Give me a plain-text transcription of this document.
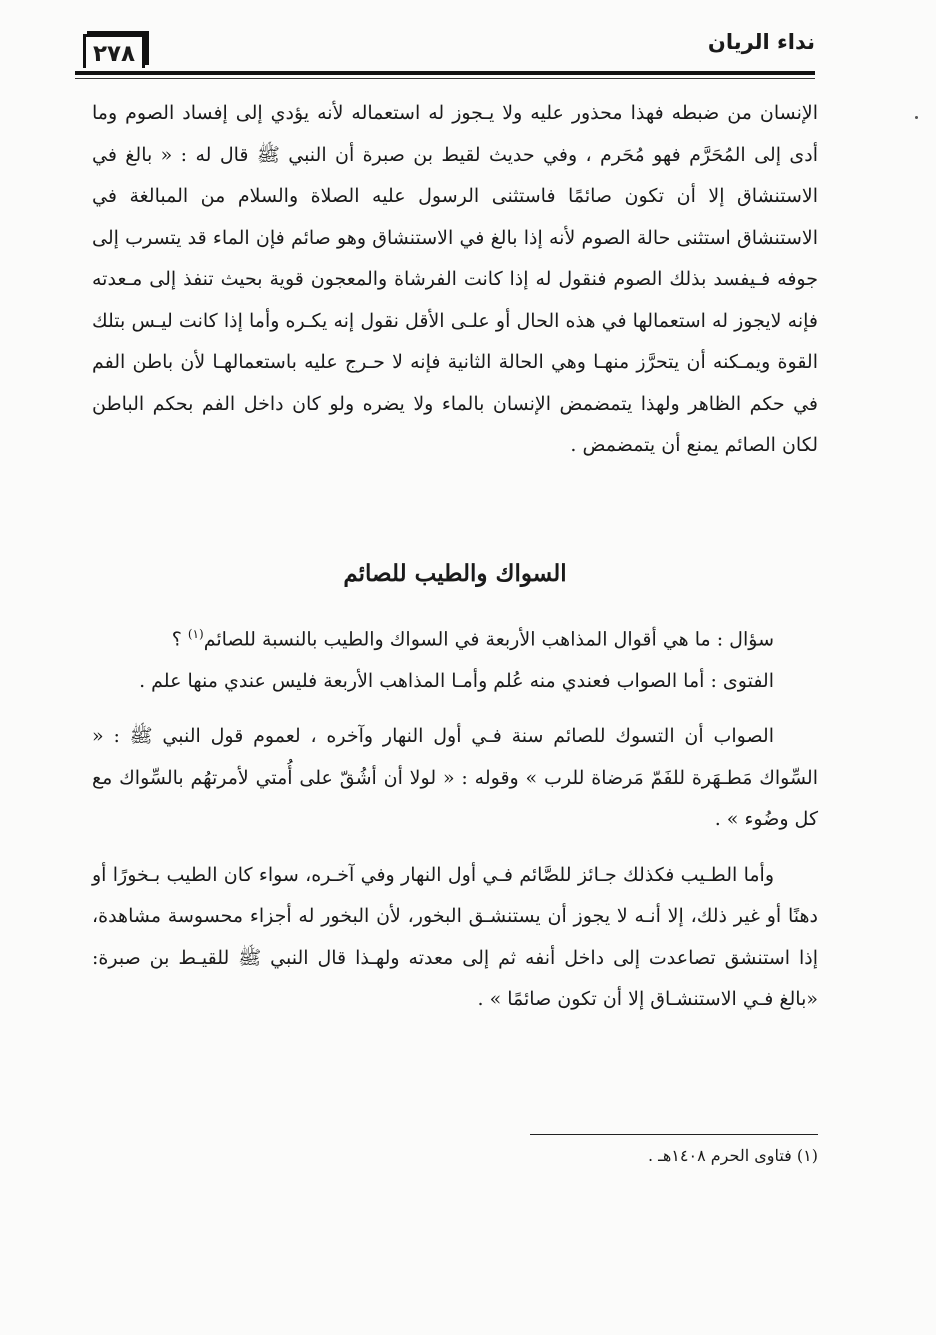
٢٧٨	نداء الريان

الإنسان من ضبطه فهذا محذور عليه ولا يـجوز له استعماله لأنه يؤدي إلى إفساد الصوم وما أدى إلى المُحَرَّم فهو مُحَرم ، وفي حديث لقيط بن صبرة أن النبي ﷺ قال له : « بالغ في الاستنشاق إلا أن تكون صائمًا فاستثنى الرسول عليه الصلاة والسلام من المبالغة في الاستنشاق استثنى حالة الصوم لأنه إذا بالغ في الاستنشاق وهو صائم فإن الماء قد يتسرب إلى جوفه فـيفسد بذلك الصوم فنقول له إذا كانت الفرشاة والمعجون قوية بحيث تنفذ إلى مـعدته فإنه لايجوز له استعمالها في هذه الحال أو علـى الأقل نقول إنه يكـره وأما إذا كانت ليـس بتلك القوة ويمـكنه أن يتحرَّز منهـا وهي الحالة الثانية فإنه لا حـرج عليه باستعمالهـا لأن باطن الفم في حكم الظاهر ولهذا يتمضمض الإنسان بالماء ولا يضره ولو كان داخل الفم بحكم الباطن لكان الصائم يمنع أن يتمضمض .

السواك والطيب للصائم

سؤال : ما هي أقوال المذاهب الأربعة في السواك والطيب بالنسبة للصائم$^{(١)}$ ؟

الفتوى : أما الصواب فعندي منه عُلم وأمـا المذاهب الأربعة فليس عندي منها علم .

الصواب أن التسوك للصائم سنة فـي أول النهار وآخره ، لعموم قول النبي ﷺ : « السِّواك مَطـهَرة للفَمّ مَرضاة للرب » وقوله : « لولا أن أشُقّ على أُمتي لأمرتهُم بالسِّواك مع كل وضُوء » .

وأما الطـيب فكذلك جـائز للصَّائم فـي أول النهار وفي آخـره، سواء كان الطيب بـخورًا أو دهنًا أو غير ذلك، إلا أنـه لا يجوز أن يستنشـق البخور، لأن البخور له أجزاء محسوسة مشاهدة، إذا استنشق تصاعدت إلى داخل أنفه ثم إلى معدته ولهـذا قال النبي ﷺ للقيـط بن صبرة: «بالغ فـي الاستنشـاق إلا أن تكون صائمًا » .

(١) فتاوى الحرم ١٤٠٨هـ .
